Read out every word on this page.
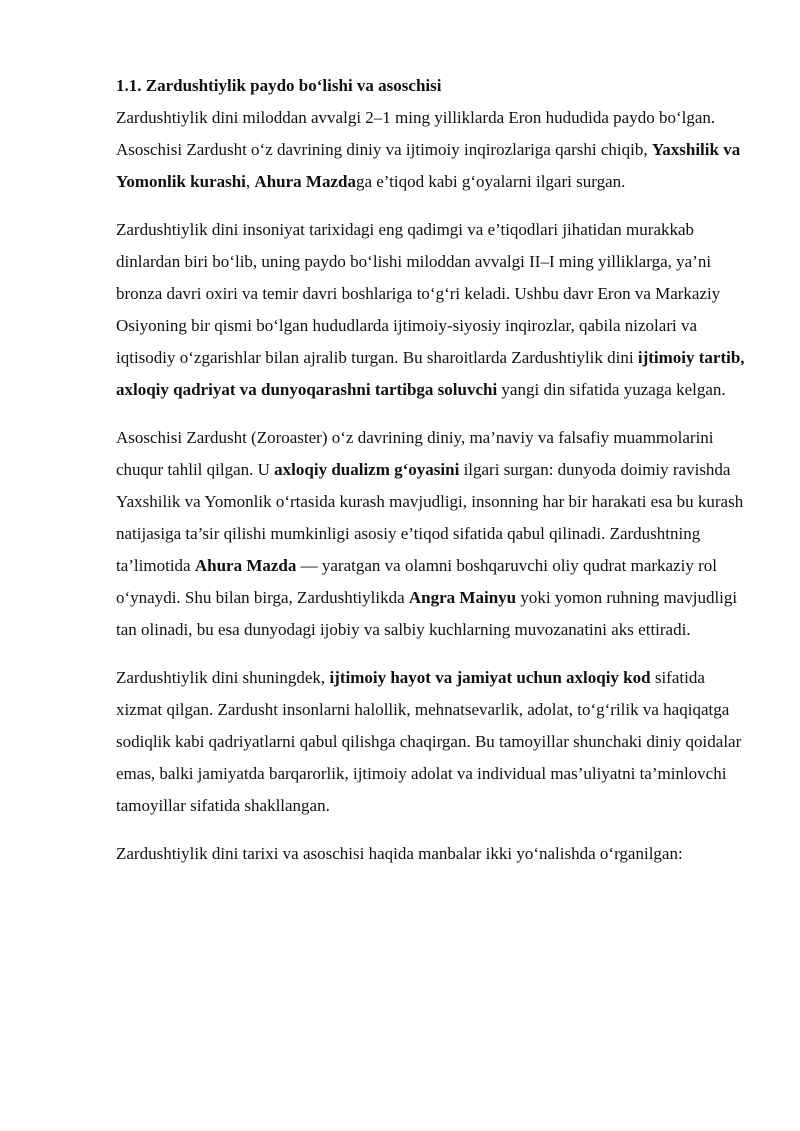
1.1. Zardushtiylik paydo bo‘lishi va asoschisi

Zardushtiylik dini miloddan avvalgi 2–1 ming yilliklarda Eron hududida paydo bo‘lgan. Asoschisi Zardusht o‘z davrining diniy va ijtimoiy inqirozlariga qarshi chiqib, Yaxshilik va Yomonlik kurashi, Ahura Mazdaga e’tiqod kabi g‘oyalarni ilgari surgan.

Zardushtiylik dini insoniyat tarixidagi eng qadimgi va e’tiqodlari jihatidan murakkab dinlardan biri bo‘lib, uning paydo bo‘lishi miloddan avvalgi II–I ming yilliklarga, ya’ni bronza davri oxiri va temir davri boshlariga to‘g‘ri keladi. Ushbu davr Eron va Markaziy Osiyoning bir qismi bo‘lgan hududlarda ijtimoiy-siyosiy inqirozlar, qabila nizolari va iqtisodiy o‘zgarishlar bilan ajralib turgan. Bu sharoitlarda Zardushtiylik dini ijtimoiy tartib, axloqiy qadriyat va dunyoqarashni tartibga soluvchi yangi din sifatida yuzaga kelgan.

Asoschisi Zardusht (Zoroaster) o‘z davrining diniy, ma’naviy va falsafiy muammolarini chuqur tahlil qilgan. U axloqiy dualizm g‘oyasini ilgari surgan: dunyoda doimiy ravishda Yaxshilik va Yomonlik o‘rtasida kurash mavjudligi, insonning har bir harakati esa bu kurash natijasiga ta’sir qilishi mumkinligi asosiy e’tiqod sifatida qabul qilinadi. Zardushtning ta’limotida Ahura Mazda — yaratgan va olamni boshqaruvchi oliy qudrat markaziy rol o‘ynaydi. Shu bilan birga, Zardushtiylikda Angra Mainyu yoki yomon ruhning mavjudligi tan olinadi, bu esa dunyodagi ijobiy va salbiy kuchlarning muvozanatini aks ettiradi.

Zardushtiylik dini shuningdek, ijtimoiy hayot va jamiyat uchun axloqiy kod sifatida xizmat qilgan. Zardusht insonlarni halollik, mehnatsevarlik, adolat, to‘g‘rilik va haqiqatga sodiqlik kabi qadriyatlarni qabul qilishga chaqirgan. Bu tamoyillar shunchaki diniy qoidalar emas, balki jamiyatda barqarorlik, ijtimoiy adolat va individual mas’uliyatni ta’minlovchi tamoyillar sifatida shakllangan.

Zardushtiylik dini tarixi va asoschisi haqida manbalar ikki yo‘nalishda o‘rganilgan:
